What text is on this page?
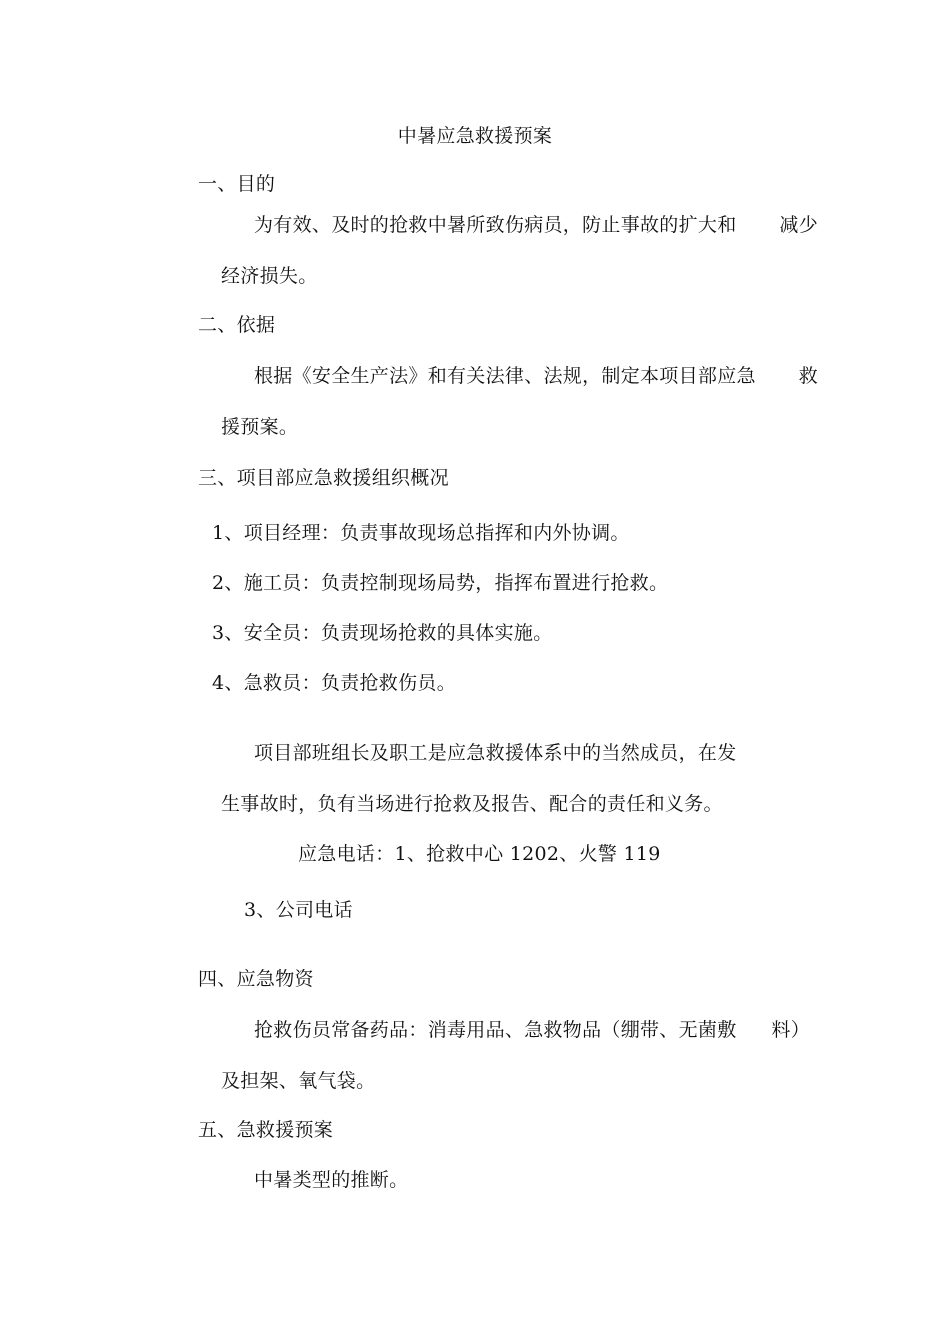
中暑应急救援预案
一、目的
为有效、及时的抢救中暑所致伤病员，防止事故的扩大和 减少
经济损失。
二、依据
根据《安全生产法》和有关法律、法规，制定本项目部应急 救
援预案。
三、项目部应急救援组织概况
1、项目经理：负责事故现场总指挥和内外协调。
2、施工员：负责控制现场局势，指挥布置进行抢救。
3、安全员：负责现场抢救的具体实施。
4、急救员：负责抢救伤员。
项目部班组长及职工是应急救援体系中的当然成员，在发
生事故时，负有当场进行抢救及报告、配合的责任和义务。
应急电话：1、抢救中心 1202、火警 119
3、公司电话
四、应急物资
抢救伤员常备药品：消毒用品、急救物品（绷带、无菌敷 料）
及担架、氧气袋。
五、急救援预案
中暑类型的推断。
